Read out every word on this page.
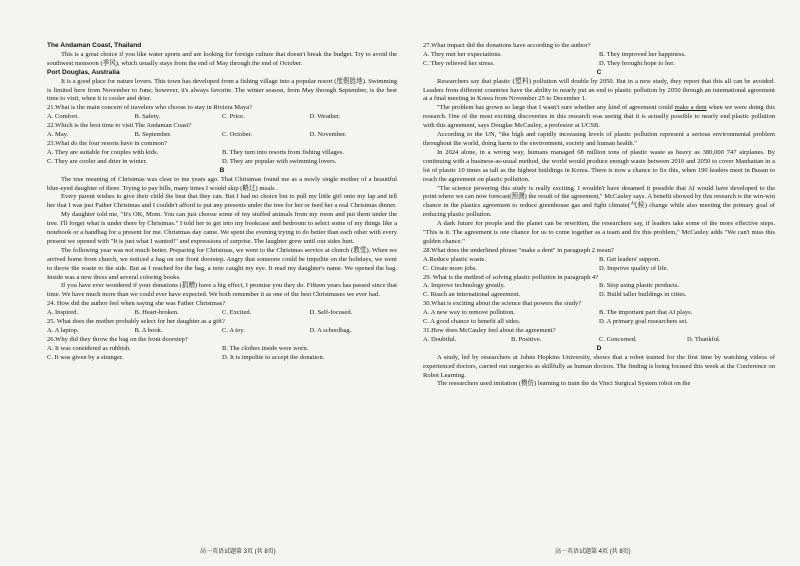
The Andaman Coast, Thailand

This is a great choice if you like water sports and are looking for foreign culture that doesn't break the budget. Try to avoid the southwest monsoon (季风), which usually stays from the end of May through the end of October.

Port Douglas, Australia

It is a good place for nature lovers. This town has developed from a fishing village into a popular resort (度假胜地). Swimming is limited here from November to June; however, it's always favorite. The winter season, from May through September, is the best time to visit, when it is cooler and drier.

21.What is the main concern of travelers who choose to stay in Riviera Maya?

A. Comfort.	B. Safety.	C. Price.	D. Weather.

22.Which is the best time to visit The Andaman Coast?

A. May.	B. September.	C. October.	D. November.

23.What do the four resorts have in common?

A. They are suitable for couples with kids.	B. They turn into resorts from fishing villages.
C. They are cooler and drier in winter.	D. They are popular with swimming lovers.

B

The true meaning of Christmas was clear to me years ago. That Christmas found me as a newly single mother of a beautiful blue-eyed daughter of three. Trying to pay bills, many times I would skip (略过) meals .

Every parent wishes to give their child the best that they can. But I had no choice but to pull my little girl onto my lap and tell her that I was just Father Christmas and I couldn't afford to put any presents under the tree for her or feed her a real Christmas dinner.

My daughter told me, "It's OK, Mom. You can just choose some of my stuffed animals from my room and put them under the tree. I'll forget what is under there by Christmas." I told her to get into my bookcase and bedroom to select some of my things like a notebook or a handbag for a present for me. Christmas day came. We spent the evening trying to do better than each other with every present we opened with "It is just what I wanted!" and expressions of surprise. The laughter grew until our sides hurt.

The following year was not much better. Preparing for Christmas, we went to the Christmas service at church (教堂). When we arrived home from church, we noticed a bag on our front doorstep. Angry that someone could be impolite on the holidays, we went to throw the waste to the side. But as I reached for the bag, a note caught my eye. It read my daughter's name. We opened the bag. Inside was a new dress and several coloring books.

If you have ever wondered if your donations (捐赠) have a big effect, I promise you they do. Fifteen years has passed since that time. We have much more than we could ever have expected. We both remember it as one of the best Christmases we ever had.

24. How did the author feel when saying she was Father Christmas?

A. Inspired.	B. Heart-broken.	C. Excited.	D. Self-focused.

25. What does the mother probably select for her daughter as a gift?

A. A laptop.	B. A book.	C. A toy.	D. A schoolbag.

26.Why did they throw the bag on the front doorstep?

A. It was considered as rubbish.	B. The clothes inside were worn.
C. It was given by a stranger.	D. It is impolite to accept the donation.

27.What impact did the donations have according to the author?

A. They met her expectations.	B. They improved her happiness.
C. They relieved her stress.	D. They brought hope to her.

C

Researchers say that plastic (塑料) pollution will double by 2050. But in a new study, they report that this all can be avoided. Leaders from different countries have the ability to nearly put an end to plastic pollution by 2050 through an international agreement at a final meeting in Korea from November 25 to December 1.

"The problem has grown so large that I wasn't sure whether any kind of agreement could make a dent when we were doing this research. One of the most exciting discoveries in this research was seeing that it is actually possible to nearly end plastic pollution with this agreement, says Douglas McCauley, a professor at UCSB.

According to the UN, "the high and rapidly increasing levels of plastic pollution represent a serious environmental problem throughout the world, doing harm to the environment, society and human health."

In 2024 alone, in a wrong way, humans managed 68 million tons of plastic waste as heavy as 380,000 747 airplanes. By continuing with a business-as-usual method, the world would produce enough waste between 2010 and 2050 to cover Manhattan in a lot of plastic 10 times as tall as the highest buildings in Korea. There is now a chance to fix this, when 190 leaders meet in Busan to reach the agreement on plastic pollution.

"The science powering this study is really exciting. I wouldn't have dreamed it possible that AI would have developed to the point where we can now forecast(预测) the result of the agreement," McCauley says. A benefit showed by this research is the win-win chance in the plastics agreement to reduce greenhouse gas and fight climate(气候) change while also meeting the primary goal of reducing plastic pollution.

A dark future for people and the planet can be rewritten, the researchers say, if leaders take some of the more effective steps. "This is it. The agreement is one chance for us to come together as a team and fix this problem," McCauley adds "We can't miss this golden chance."

28.What does the underlined phrase "make a dent" in paragraph 2 mean?

A.Reduce plastic waste.	B. Get leaders' support.
C. Create more jobs.	D. Improve quality of life.

29. What is the method of solving plastic pollution in paragraph 4?

A. Improve technology greatly.	B. Stop using plastic products.
C. Reach an international agreement.	D. Build taller buildings in cities.

30.What is exciting about the science that powers the study?

A. A new way to remove pollution.	B. The important part that AI plays.
C. A good chance to benefit all sides.	D. A primary goal researchers set.

31.How does McCauley feel about the agreement?

A. Doubtful.	B. Positive.	C. Concerned.	D. Thankful.

D

A study, led by researchers at Johns Hopkins University, shows that a robot trained for the first time by watching videos of experienced doctors, carried out surgeries as skillfully as human doctors. The finding is being focused this week at the Conference on Robot Learning.

The researchers used imitation (模仿) learning to train the da Vinci Surgical System robot on the

高一英语试题第 3页 (共 8页)	高一英语试题第 4页 (共 8页)
